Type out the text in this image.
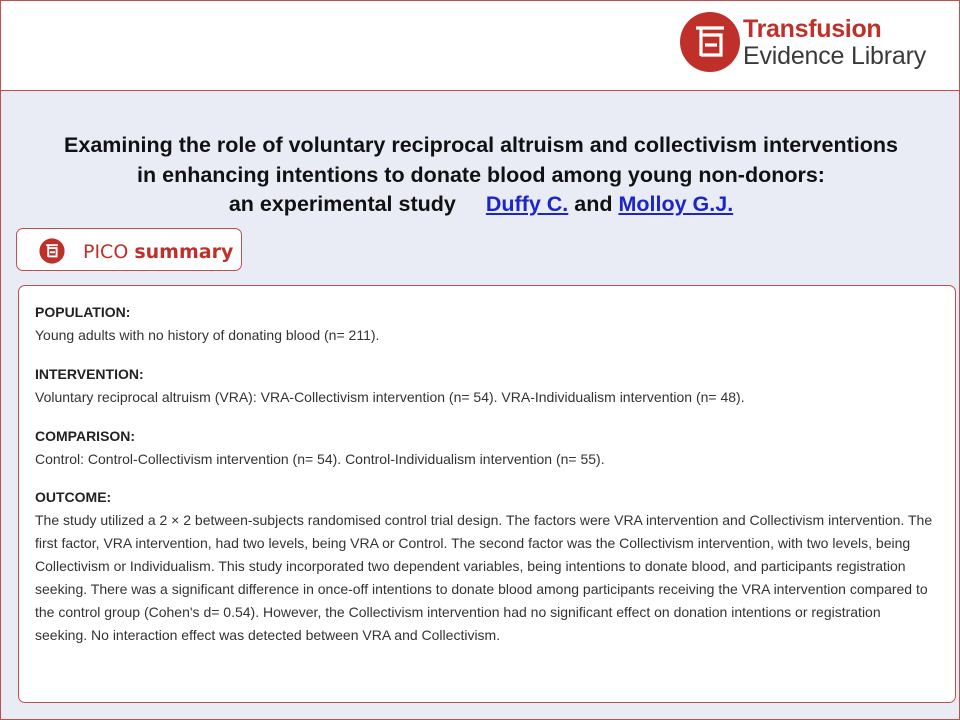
Transfusion
Evidence Library
Examining the role of voluntary reciprocal altruism and collectivism interventions
in enhancing intentions to donate blood among young non-donors:
an experimental study Duffy C. and Molloy G.J.
PICO summary
POPULATION:
Young adults with no history of donating blood (n= 211).
INTERVENTION:
Voluntary reciprocal altruism (VRA): VRA-Collectivism intervention (n= 54). VRA-Individualism intervention (n= 48).
COMPARISON:
Control: Control-Collectivism intervention (n= 54). Control-Individualism intervention (n= 55).
OUTCOME:
The study utilized a 2 × 2 between-subjects randomised control trial design. The factors were VRA intervention and Collectivism intervention. The first factor, VRA intervention, had two levels, being VRA or Control. The second factor was the Collectivism intervention, with two levels, being Collectivism or Individualism. This study incorporated two dependent variables, being intentions to donate blood, and participants registration seeking. There was a significant difference in once-off intentions to donate blood among participants receiving the VRA intervention compared to the control group (Cohen's d= 0.54). However, the Collectivism intervention had no significant effect on donation intentions or registration seeking. No interaction effect was detected between VRA and Collectivism.
